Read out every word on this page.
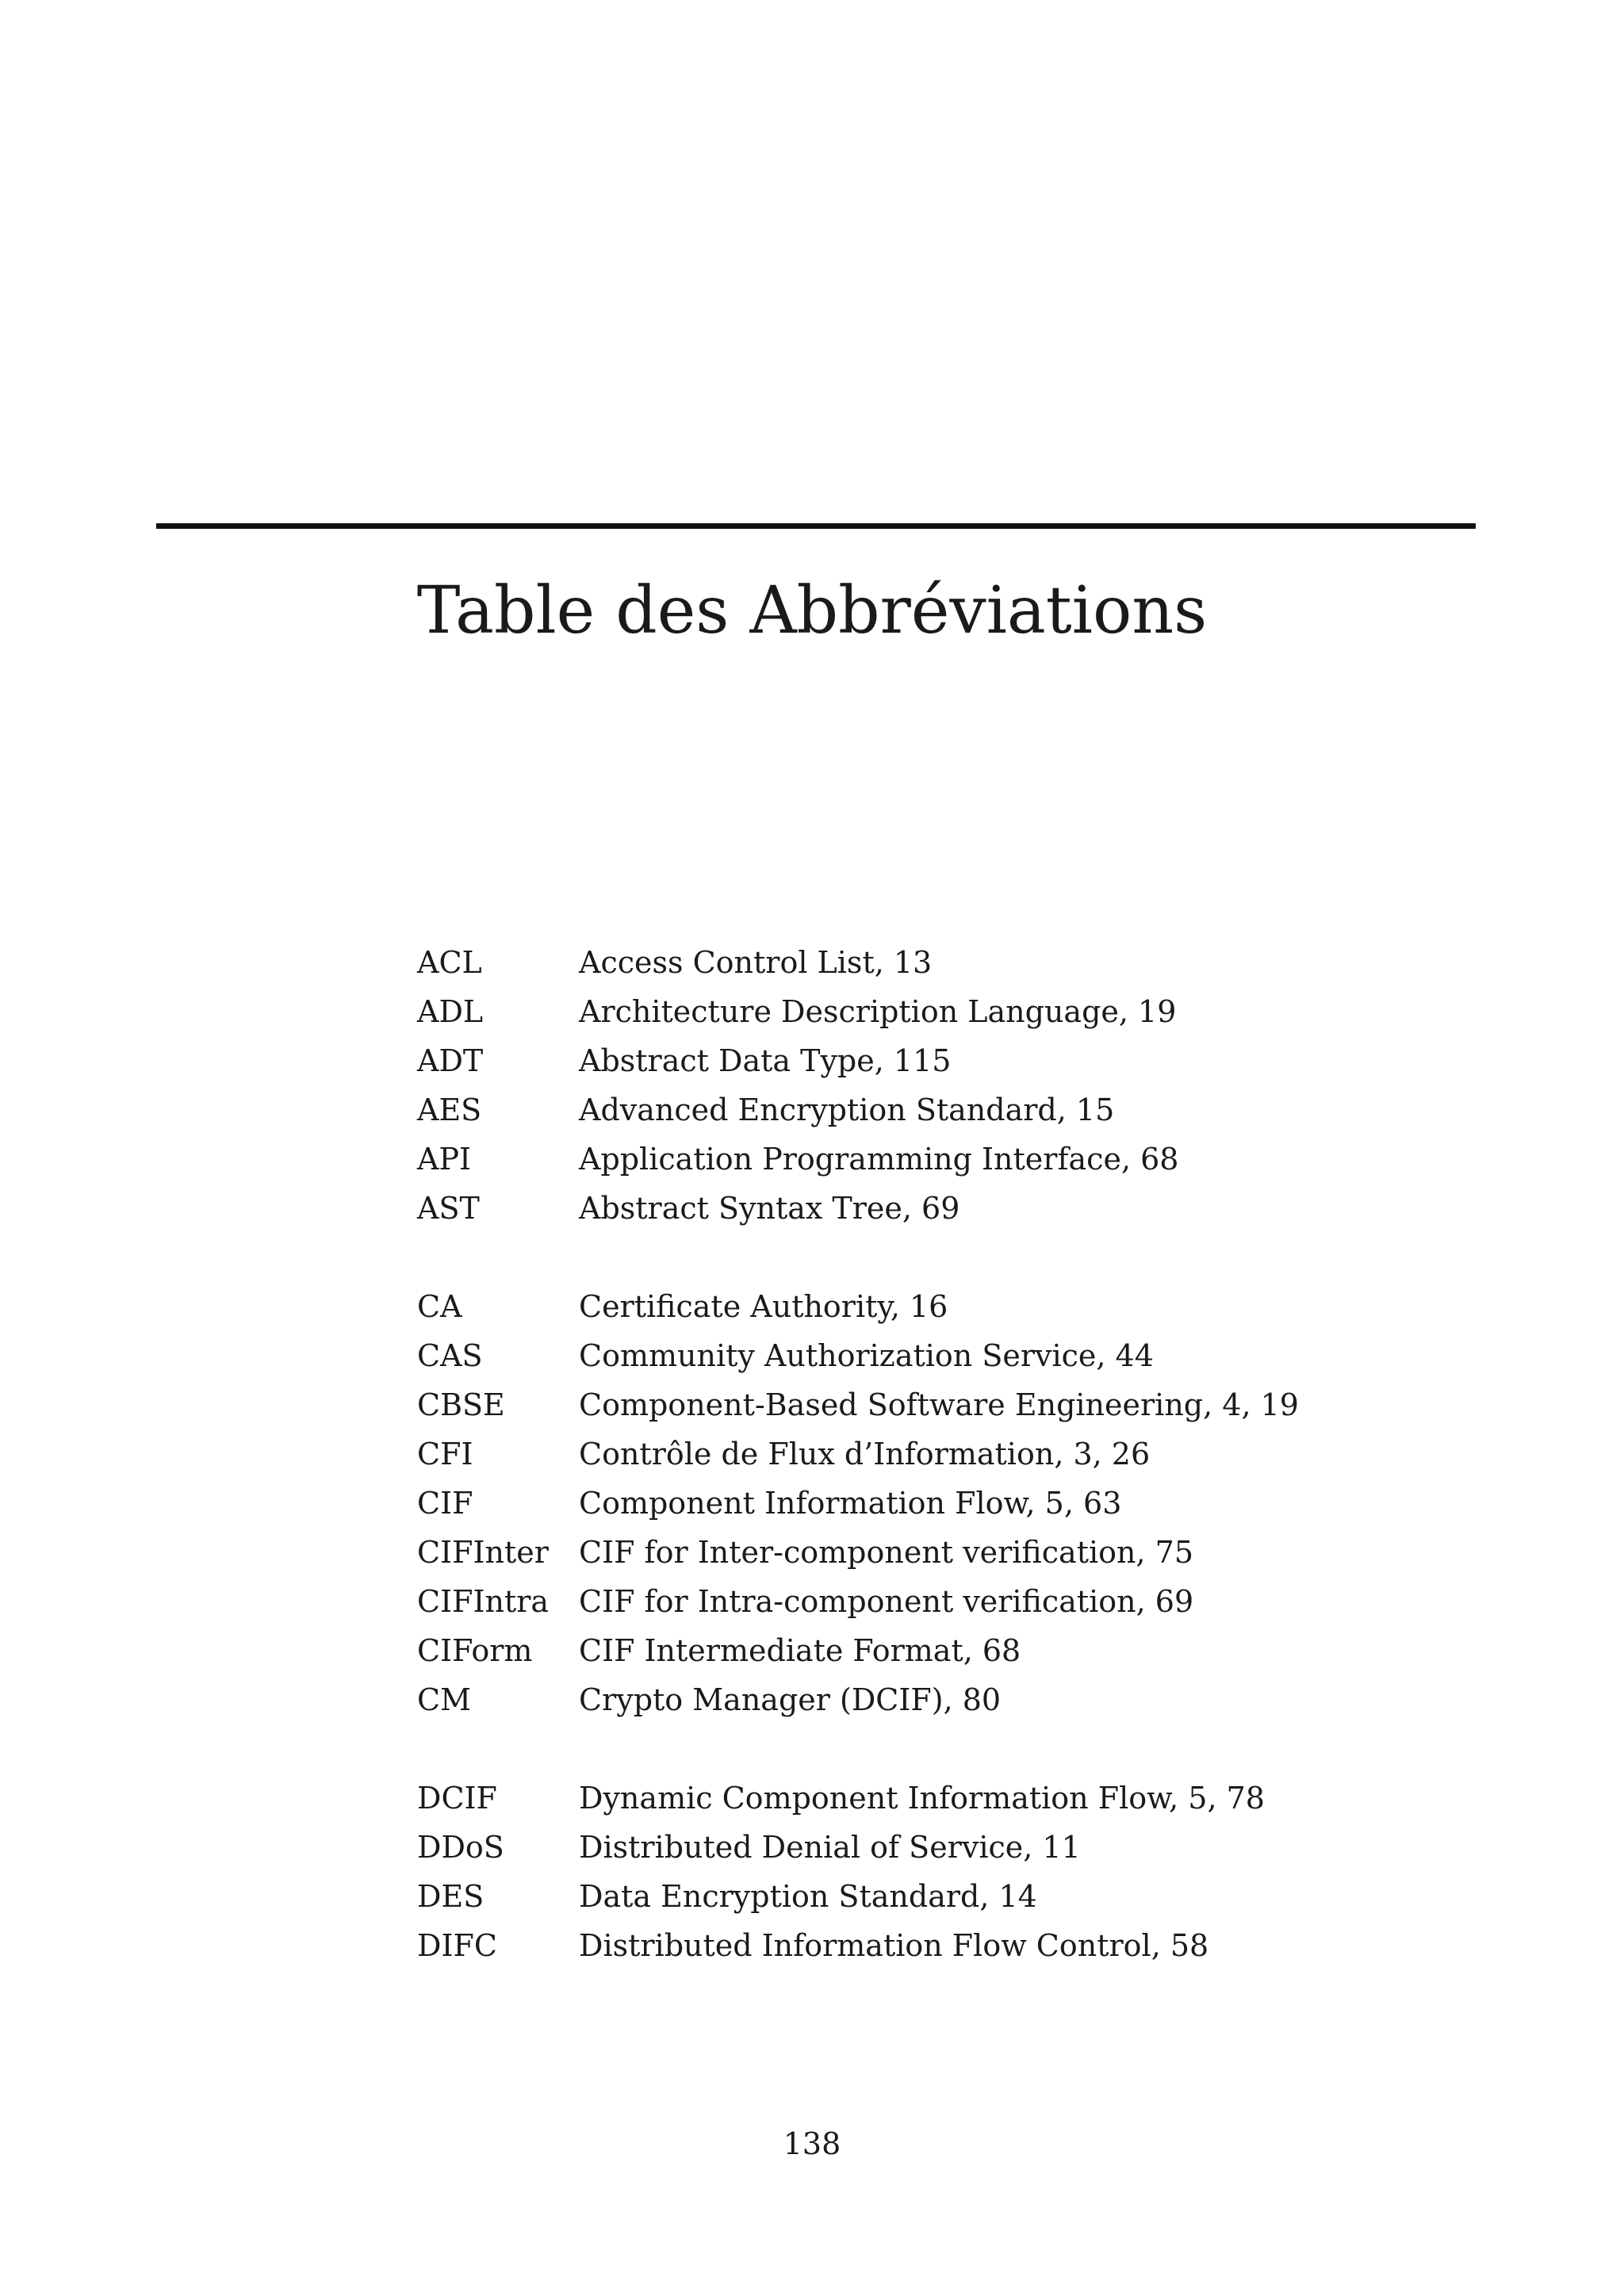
Table des Abbréviations
ACL	Access Control List, 13
ADL	Architecture Description Language, 19
ADT	Abstract Data Type, 115
AES	Advanced Encryption Standard, 15
API	Application Programming Interface, 68
AST	Abstract Syntax Tree, 69
CA	Certificate Authority, 16
CAS	Community Authorization Service, 44
CBSE	Component-Based Software Engineering, 4, 19
CFI	Contrôle de Flux d’Information, 3, 26
CIF	Component Information Flow, 5, 63
CIFInter	CIF for Inter-component verification, 75
CIFIntra CIF for Intra-component verification, 69
CIForm	CIF Intermediate Format, 68
CM	Crypto Manager (DCIF), 80
DCIF	Dynamic Component Information Flow, 5, 78
DDoS	Distributed Denial of Service, 11
DES	Data Encryption Standard, 14
DIFC	Distributed Information Flow Control, 58
138
